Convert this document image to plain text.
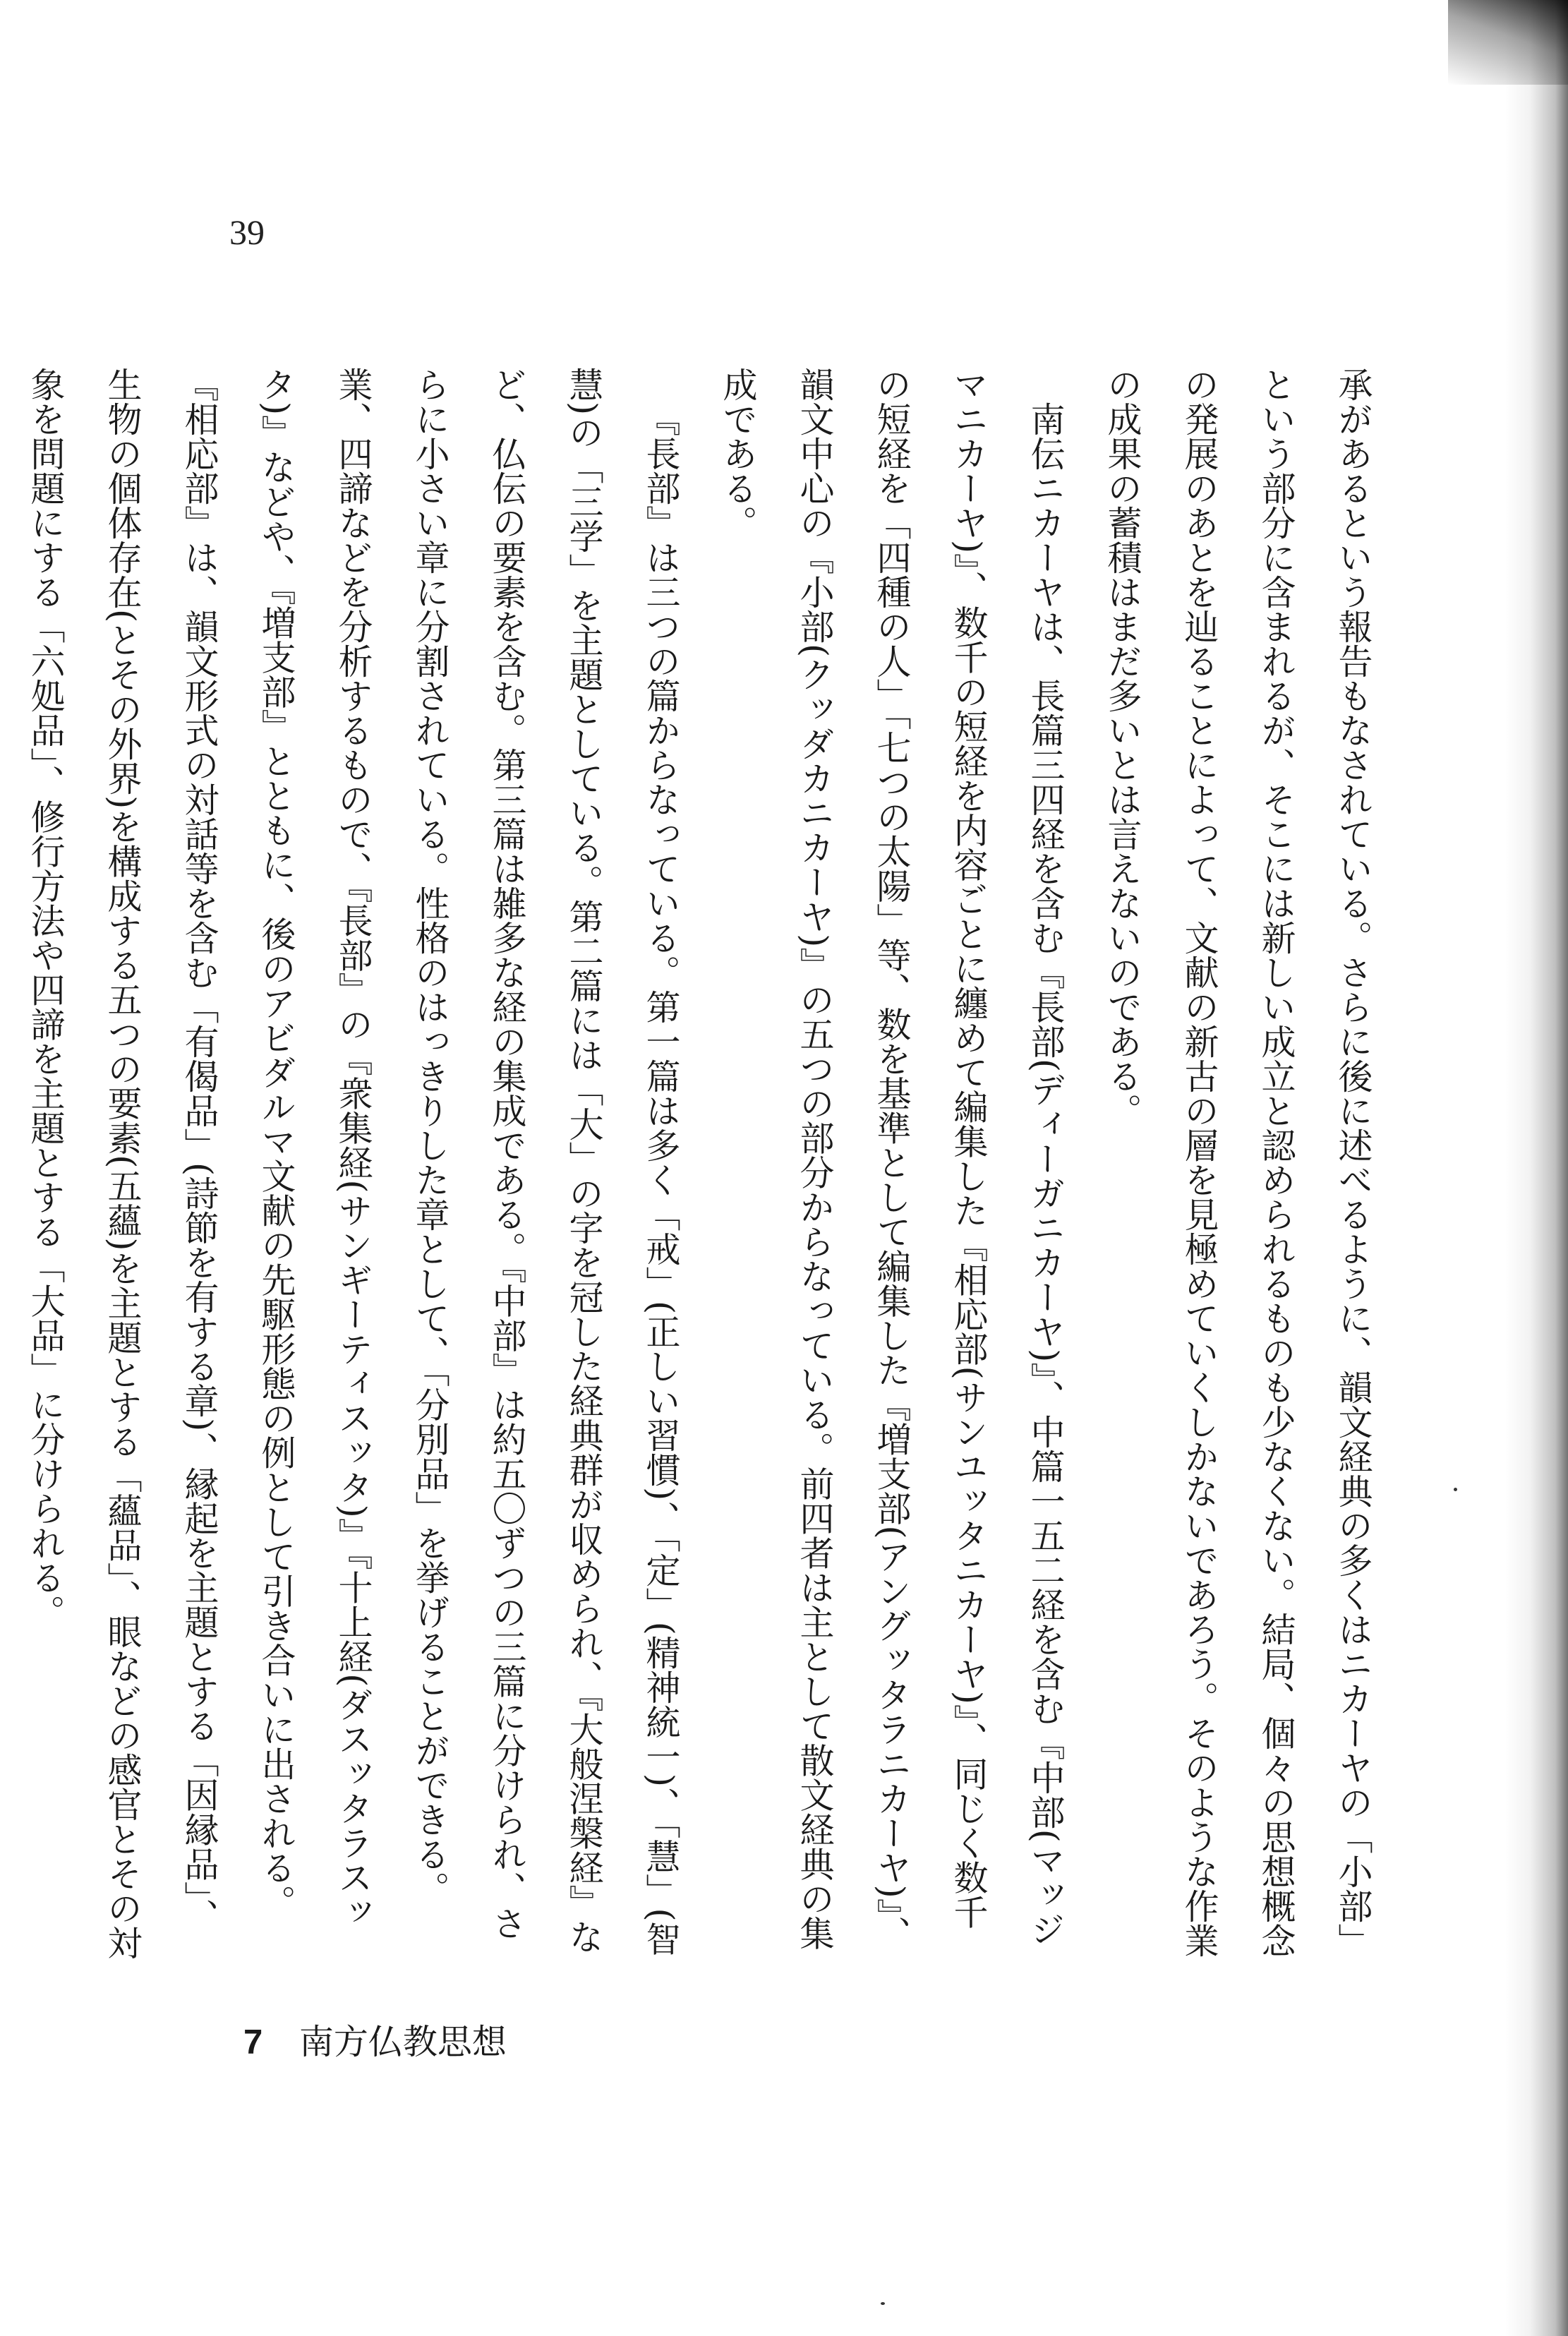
39

承があるという報告もなされている。さらに後に述べるように、韻文経典の多くはニカーヤの「小部」という部分に含まれるが、そこには新しい成立と認められるものも少なくない。結局、個々の思想概念の発展のあとを辿ることによって、文献の新古の層を見極めていくしかないであろう。そのような作業の成果の蓄積はまだ多いとは言えないのである。

南伝ニカーヤは、長篇三四経を含む『長部(ディーガニカーヤ)』、中篇一五二経を含む『中部(マッジマニカーヤ)』、数千の短経を内容ごとに纏めて編集した『相応部(サンユッタニカーヤ)』、同じく数千の短経を「四種の人」「七つの太陽」等、数を基準として編集した『増支部(アングッタラニカーヤ)』、韻文中心の『小部(クッダカニカーヤ)』の五つの部分からなっている。前四者は主として散文経典の集成である。

『長部』は三つの篇からなっている。第一篇は多く「戒」(正しい習慣)、「定」(精神統一)、「慧」(智慧)の「三学」を主題としている。第二篇には「大」の字を冠した経典群が収められ、『大般涅槃経』など、仏伝の要素を含む。第三篇は雑多な経の集成である。『中部』は約五〇ずつの三篇に分けられ、さらに小さい章に分割されている。性格のはっきりした章として、「分別品」を挙げることができる。業、四諦などを分析するもので、『長部』の『衆集経(サンギーティスッタ)』『十上経(ダスッタラスッタ)』などや、『増支部』とともに、後のアビダルマ文献の先駆形態の例として引き合いに出される。『相応部』は、韻文形式の対話等を含む「有偈品」(詩節を有する章)、縁起を主題とする「因縁品」、生物の個体存在(とその外界)を構成する五つの要素(五蘊)を主題とする「蘊品」、眼などの感官とその対象を問題にする「六処品」、修行方法や四諦を主題とする「大品」に分けられる。

7 南方仏教思想
